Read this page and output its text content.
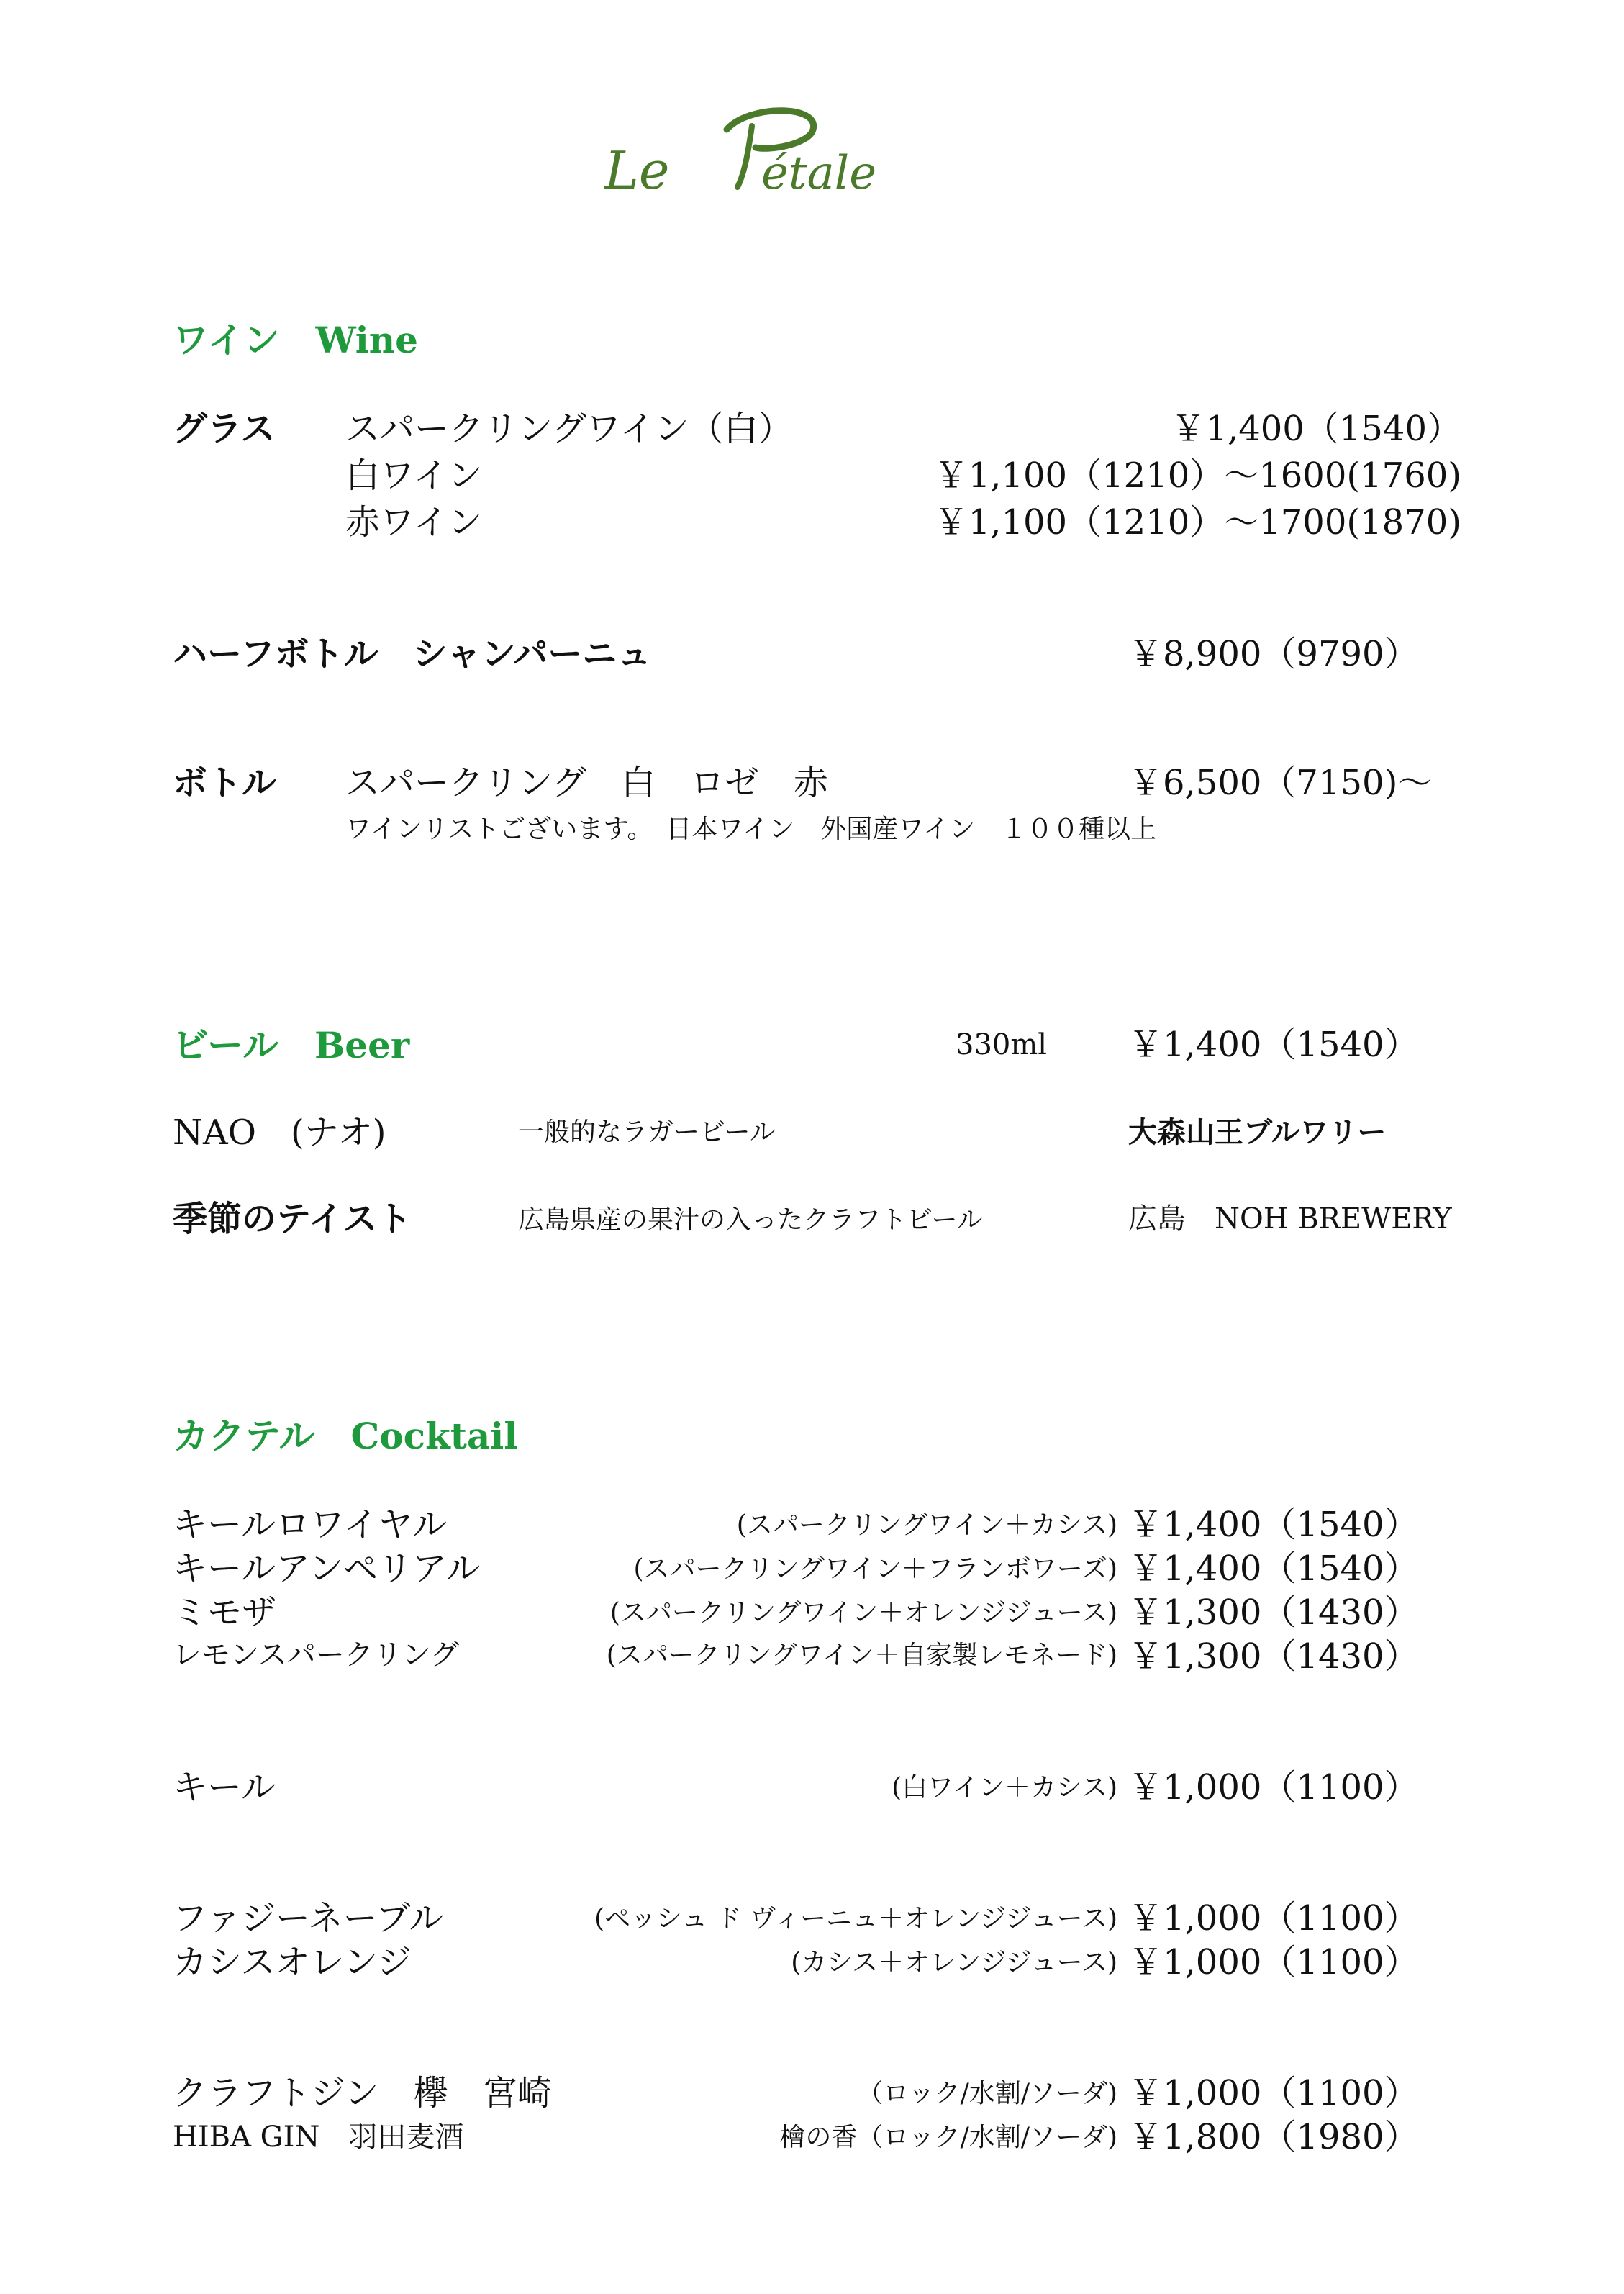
Le étale
ワイン　Wine
グラス スパークリングワイン（白）	￥1,400（1540）
白ワイン	￥1,100（1210）～1600(1760)
赤ワイン	￥1,100（1210）～1700(1870)
ハーフボトル　シャンパーニュ	￥8,900（9790）
ボトル スパークリング　白　ロゼ　赤	￥6,500（7150)～
ワインリストございます。　日本ワイン　外国産ワイン　１００種以上
ビール　Beer	330ml ￥1,400（1540）
NAO　(ナオ)	一般的なラガービール	大森山王ブルワリー
季節のテイスト	広島県産の果汁の入ったクラフトビール	広島　NOH BREWERY
カクテル　Cocktail
キールロワイヤル	(スパークリングワイン＋カシス) ￥1,400（1540）
キールアンペリアル	(スパークリングワイン＋フランボワーズ) ￥1,400（1540）
ミモザ	(スパークリングワイン＋オレンジジュース) ￥1,300（1430）
レモンスパークリング	(スパークリングワイン＋自家製レモネード) ￥1,300（1430）
キール	(白ワイン＋カシス) ￥1,000（1100）
ファジーネーブル	(ペッシュ ド ヴィーニュ＋オレンジジュース) ￥1,000（1100）
カシスオレンジ	(カシス＋オレンジジュース) ￥1,000（1100）
クラフトジン　欅　宮崎	（ロック/水割/ソーダ) ￥1,000（1100）
HIBA GIN　羽田麦酒	檜の香（ロック/水割/ソーダ) ￥1,800（1980）
